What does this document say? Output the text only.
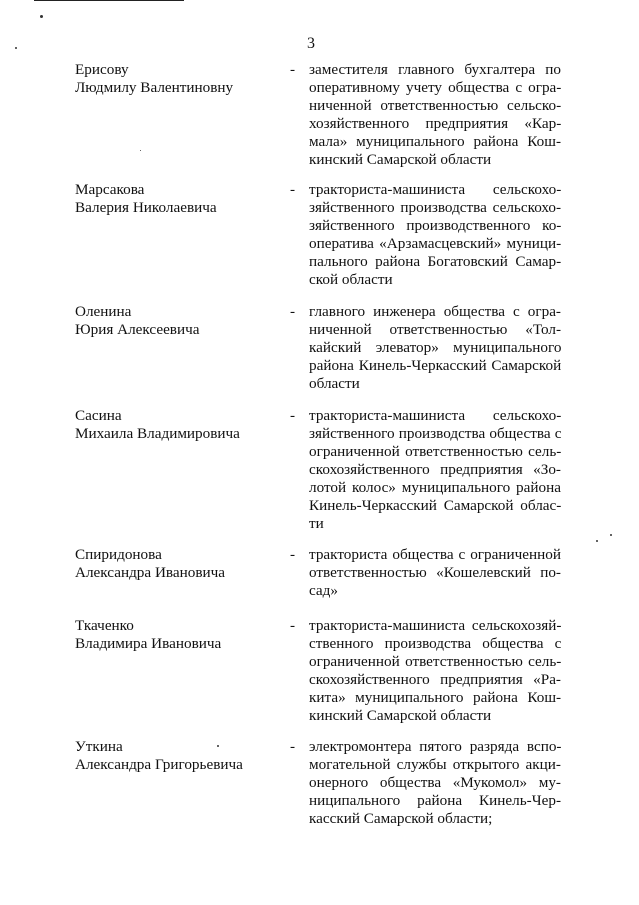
3
Ерисову
Людмилу Валентиновну
- заместителя главного бухгалтера по
оперативному учету общества с огра-
ниченной ответственностью сельско-
хозяйственного предприятия «Кар-
мала» муниципального района Кош-
кинский Самарской области
Марсакова
Валерия Николаевича
- тракториста-машиниста сельскохо-
зяйственного производства сельскохо-
зяйственного производственного ко-
оператива «Арзамасцевский» муници-
пального района Богатовский Самар-
ской области
Оленина
Юрия Алексеевича
- главного инженера общества с огра-
ниченной ответственностью «Тол-
кайский элеватор» муниципального
района Кинель-Черкасский Самарской
области
Сасина
Михаила Владимировича
- тракториста-машиниста сельскохо-
зяйственного производства общества с
ограниченной ответственностью сель-
скохозяйственного предприятия «Зо-
лотой колос» муниципального района
Кинель-Черкасский Самарской облас-
ти
Спиридонова
Александра Ивановича
- тракториста общества с ограниченной
ответственностью «Кошелевский по-
сад»
Ткаченко
Владимира Ивановича
- тракториста-машиниста сельскохозяй-
ственного производства общества с
ограниченной ответственностью сель-
скохозяйственного предприятия «Ра-
кита» муниципального района Кош-
кинский Самарской области
Уткина
Александра Григорьевича
- электромонтера пятого разряда вспо-
могательной службы открытого акци-
онерного общества «Мукомол» му-
ниципального района Кинель-Чер-
касский Самарской области;
